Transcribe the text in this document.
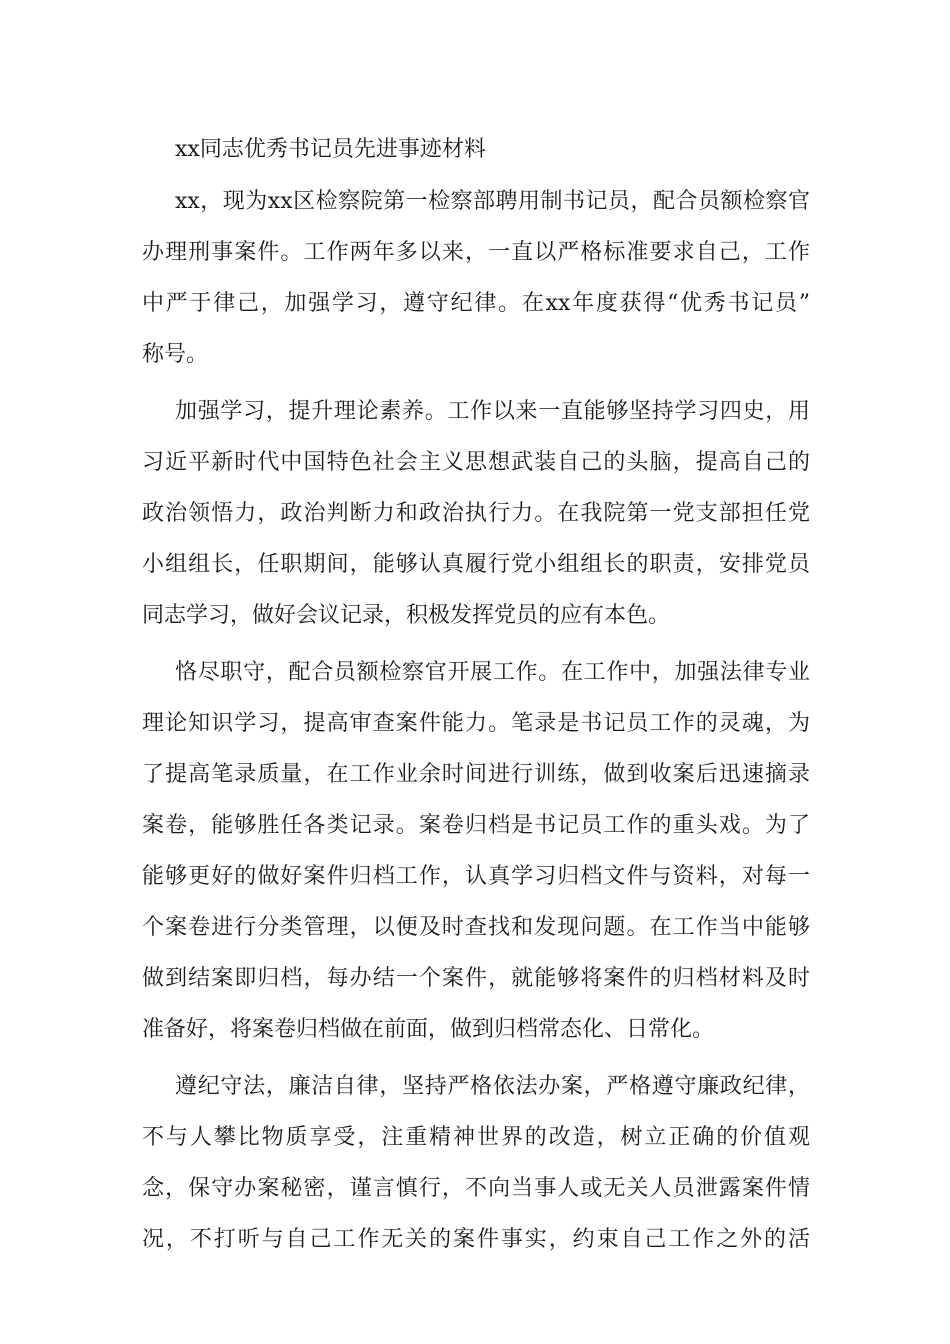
xx同志优秀书记员先进事迹材料
xx，现为xx区检察院第一检察部聘用制书记员，配合员额检察官
办理刑事案件。工作两年多以来，一直以严格标准要求自己，工作
中严于律己，加强学习，遵守纪律。在xx年度获得“优秀书记员”
称号。
加强学习，提升理论素养。工作以来一直能够坚持学习四史，用
习近平新时代中国特色社会主义思想武装自己的头脑，提高自己的
政治领悟力，政治判断力和政治执行力。在我院第一党支部担任党
小组组长，任职期间，能够认真履行党小组组长的职责，安排党员
同志学习，做好会议记录，积极发挥党员的应有本色。
恪尽职守，配合员额检察官开展工作。在工作中，加强法律专业
理论知识学习，提高审查案件能力。笔录是书记员工作的灵魂，为
了提高笔录质量，在工作业余时间进行训练，做到收案后迅速摘录
案卷，能够胜任各类记录。案卷归档是书记员工作的重头戏。为了
能够更好的做好案件归档工作，认真学习归档文件与资料，对每一
个案卷进行分类管理，以便及时查找和发现问题。在工作当中能够
做到结案即归档，每办结一个案件，就能够将案件的归档材料及时
准备好，将案卷归档做在前面，做到归档常态化、日常化。
遵纪守法，廉洁自律，坚持严格依法办案，严格遵守廉政纪律，
不与人攀比物质享受，注重精神世界的改造，树立正确的价值观
念，保守办案秘密，谨言慎行，不向当事人或无关人员泄露案件情
况，不打听与自己工作无关的案件事实，约束自己工作之外的活
